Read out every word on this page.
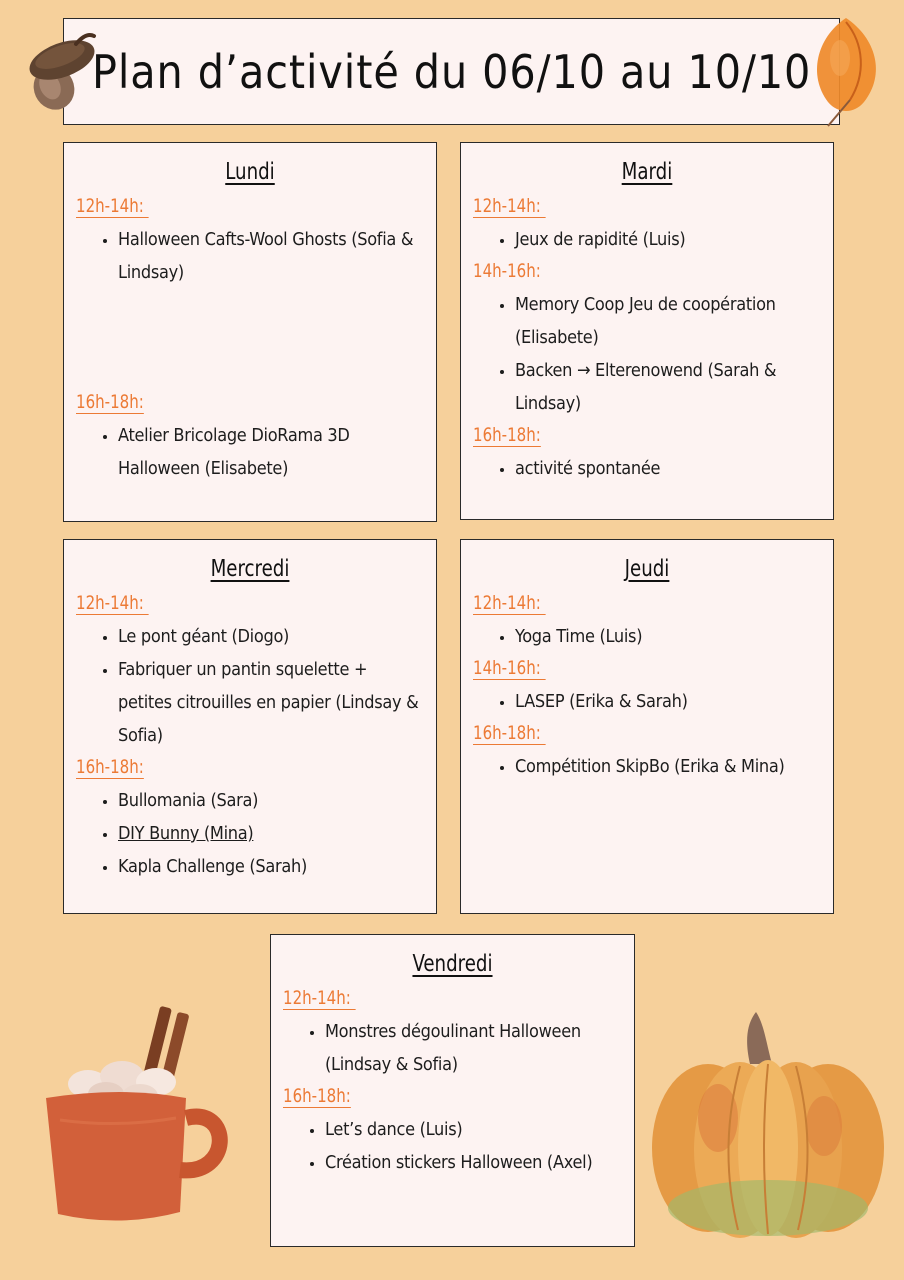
Plan d’activité du 06/10 au 10/10
Lundi
12h-14h:
• Halloween Cafts-Wool Ghosts (Sofia & Lindsay)
16h-18h:
• Atelier Bricolage DioRama 3D Halloween (Elisabete)
Mardi
12h-14h:
• Jeux de rapidité (Luis)
14h-16h:
• Memory Coop Jeu de coopération (Elisabete)
• Backen → Elterenowend (Sarah & Lindsay)
16h-18h:
• activité spontanée
Mercredi
12h-14h:
• Le pont géant (Diogo)
• Fabriquer un pantin squelette + petites citrouilles en papier (Lindsay & Sofia)
16h-18h:
• Bullomania (Sara)
• DIY Bunny (Mina)
• Kapla Challenge (Sarah)
Jeudi
12h-14h:
• Yoga Time (Luis)
14h-16h:
• LASEP (Erika & Sarah)
16h-18h:
• Compétition SkipBo (Erika & Mina)
Vendredi
12h-14h:
• Monstres dégoulinant Halloween (Lindsay & Sofia)
16h-18h:
• Let’s dance (Luis)
• Création stickers Halloween (Axel)
